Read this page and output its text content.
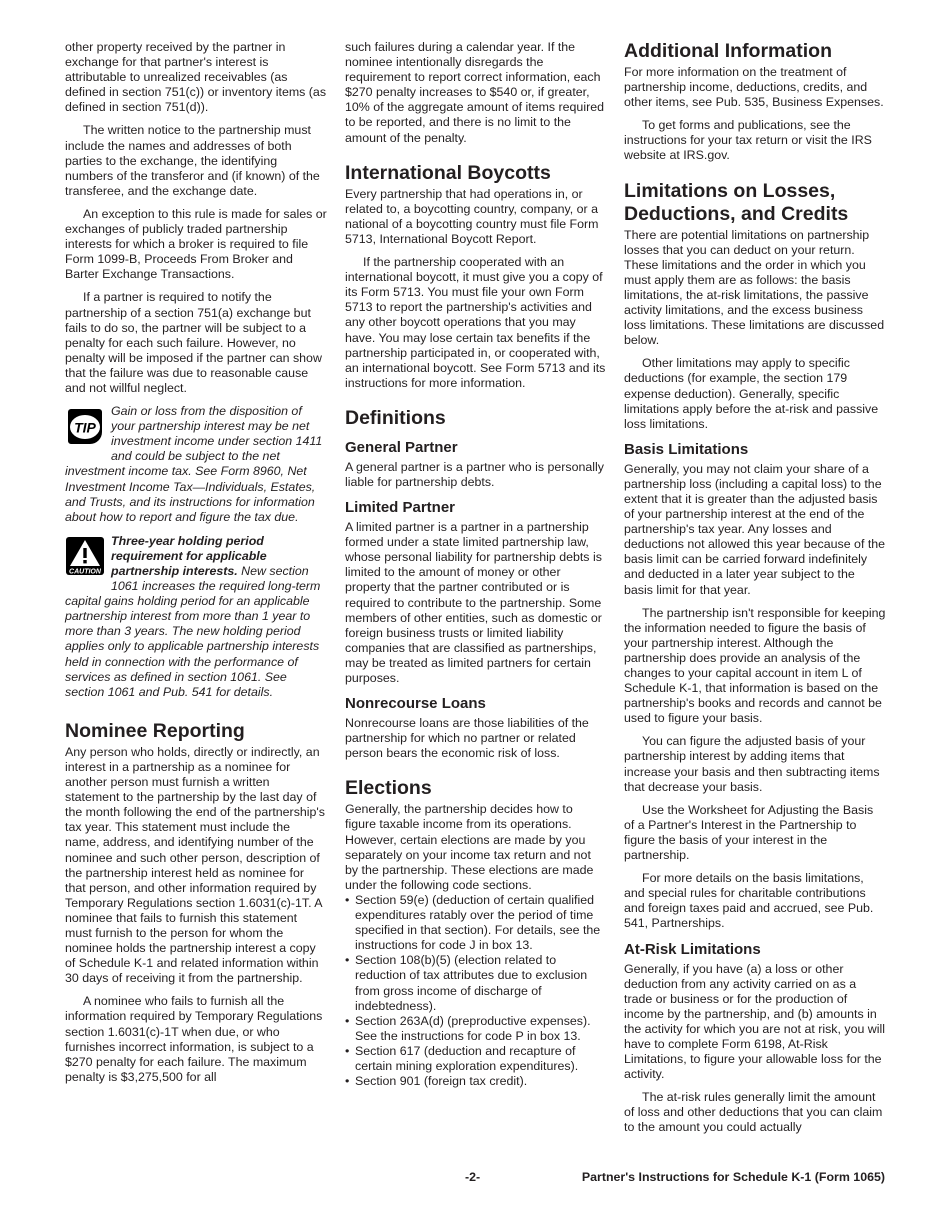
other property received by the partner in exchange for that partner's interest is attributable to unrealized receivables (as defined in section 751(c)) or inventory items (as defined in section 751(d)).

The written notice to the partnership must include the names and addresses of both parties to the exchange, the identifying numbers of the transferor and (if known) of the transferee, and the exchange date.

An exception to this rule is made for sales or exchanges of publicly traded partnership interests for which a broker is required to file Form 1099-B, Proceeds From Broker and Barter Exchange Transactions.

If a partner is required to notify the partnership of a section 751(a) exchange but fails to do so, the partner will be subject to a penalty for each such failure. However, no penalty will be imposed if the partner can show that the failure was due to reasonable cause and not willful neglect.

TIP
Gain or loss from the disposition of your partnership interest may be net investment income under section 1411 and could be subject to the net investment income tax. See Form 8960, Net Investment Income Tax—Individuals, Estates, and Trusts, and its instructions for information about how to report and figure the tax due.
CAUTION
Three-year holding period requirement for applicable partnership interests. New section 1061 increases the required long-term capital gains holding period for an applicable partnership interest from more than 1 year to more than 3 years. The new holding period applies only to applicable partnership interests held in connection with the performance of services as defined in section 1061. See section 1061 and Pub. 541 for details.
Nominee Reporting

Any person who holds, directly or indirectly, an interest in a partnership as a nominee for another person must furnish a written statement to the partnership by the last day of the month following the end of the partnership's tax year. This statement must include the name, address, and identifying number of the nominee and such other person, description of the partnership interest held as nominee for that person, and other information required by Temporary Regulations section 1.6031(c)-1T. A nominee that fails to furnish this statement must furnish to the person for whom the nominee holds the partnership interest a copy of Schedule K-1 and related information within 30 days of receiving it from the partnership.

A nominee who fails to furnish all the information required by Temporary Regulations section 1.6031(c)-1T when due, or who furnishes incorrect information, is subject to a $270 penalty for each failure. The maximum penalty is $3,275,500 for all

such failures during a calendar year. If the nominee intentionally disregards the requirement to report correct information, each $270 penalty increases to $540 or, if greater, 10% of the aggregate amount of items required to be reported, and there is no limit to the amount of the penalty.

International Boycotts

Every partnership that had operations in, or related to, a boycotting country, company, or a national of a boycotting country must file Form 5713, International Boycott Report.

If the partnership cooperated with an international boycott, it must give you a copy of its Form 5713. You must file your own Form 5713 to report the partnership's activities and any other boycott operations that you may have. You may lose certain tax benefits if the partnership participated in, or cooperated with, an international boycott. See Form 5713 and its instructions for more information.

Definitions
General Partner

A general partner is a partner who is personally liable for partnership debts.

Limited Partner

A limited partner is a partner in a partnership formed under a state limited partnership law, whose personal liability for partnership debts is limited to the amount of money or other property that the partner contributed or is required to contribute to the partnership. Some members of other entities, such as domestic or foreign business trusts or limited liability companies that are classified as partnerships, may be treated as limited partners for certain purposes.

Nonrecourse Loans

Nonrecourse loans are those liabilities of the partnership for which no partner or related person bears the economic risk of loss.

Elections

Generally, the partnership decides how to figure taxable income from its operations. However, certain elections are made by you separately on your income tax return and not by the partnership. These elections are made under the following code sections.

• Section 59(e) (deduction of certain qualified expenditures ratably over the period of time specified in that section). For details, see the instructions for code J in box 13.
• Section 108(b)(5) (election related to reduction of tax attributes due to exclusion from gross income of discharge of indebtedness).
• Section 263A(d) (preproductive expenses). See the instructions for code P in box 13.
• Section 617 (deduction and recapture of certain mining exploration expenditures).
• Section 901 (foreign tax credit).
Additional Information

For more information on the treatment of partnership income, deductions, credits, and other items, see Pub. 535, Business Expenses.

To get forms and publications, see the instructions for your tax return or visit the IRS website at IRS.gov.

Limitations on Losses, Deductions, and Credits

There are potential limitations on partnership losses that you can deduct on your return. These limitations and the order in which you must apply them are as follows: the basis limitations, the at-risk limitations, the passive activity limitations, and the excess business loss limitations. These limitations are discussed below.

Other limitations may apply to specific deductions (for example, the section 179 expense deduction). Generally, specific limitations apply before the at-risk and passive loss limitations.

Basis Limitations

Generally, you may not claim your share of a partnership loss (including a capital loss) to the extent that it is greater than the adjusted basis of your partnership interest at the end of the partnership's tax year. Any losses and deductions not allowed this year because of the basis limit can be carried forward indefinitely and deducted in a later year subject to the basis limit for that year.

The partnership isn't responsible for keeping the information needed to figure the basis of your partnership interest. Although the partnership does provide an analysis of the changes to your capital account in item L of Schedule K-1, that information is based on the partnership's books and records and cannot be used to figure your basis.

You can figure the adjusted basis of your partnership interest by adding items that increase your basis and then subtracting items that decrease your basis.

Use the Worksheet for Adjusting the Basis of a Partner's Interest in the Partnership to figure the basis of your interest in the partnership.

For more details on the basis limitations, and special rules for charitable contributions and foreign taxes paid and accrued, see Pub. 541, Partnerships.

At-Risk Limitations

Generally, if you have (a) a loss or other deduction from any activity carried on as a trade or business or for the production of income by the partnership, and (b) amounts in the activity for which you are not at risk, you will have to complete Form 6198, At-Risk Limitations, to figure your allowable loss for the activity.

The at-risk rules generally limit the amount of loss and other deductions that you can claim to the amount you could actually

-2-	Partner's Instructions for Schedule K-1 (Form 1065)
